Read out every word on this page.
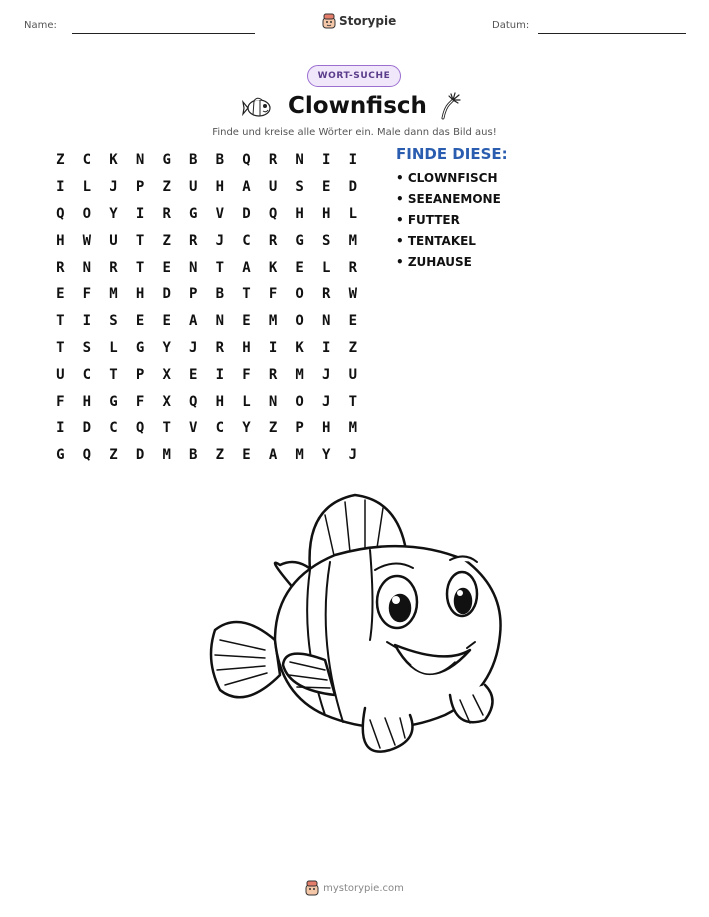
Name:	Storypie	Datum:
WORT-SUCHE
Clownfisch
Finde und kreise alle Wörter ein. Male dann das Bild aus!
Z	C	K	N	G	B	B	Q	R	N	I	I
I	L	J	P	Z	U	H	A	U	S	E	D
Q	O	Y	I	R	G	V	D	Q	H	H	L
H	W	U	T	Z	R	J	C	R	G	S	M
R	N	R	T	E	N	T	A	K	E	L	R
E	F	M	H	D	P	B	T	F	O	R	W
T	I	S	E	E	A	N	E	M	O	N	E
T	S	L	G	Y	J	R	H	I	K	I	Z
U	C	T	P	X	E	I	F	R	M	J	U
F	H	G	F	X	Q	H	L	N	O	J	T
I	D	C	Q	T	V	C	Y	Z	P	H	M
G	Q	Z	D	M	B	Z	E	A	M	Y	J
FINDE DIESE:
• CLOWNFISCH
• SEEANEMONE
• FUTTER
• TENTAKEL
• ZUHAUSE
mystorypie.com
